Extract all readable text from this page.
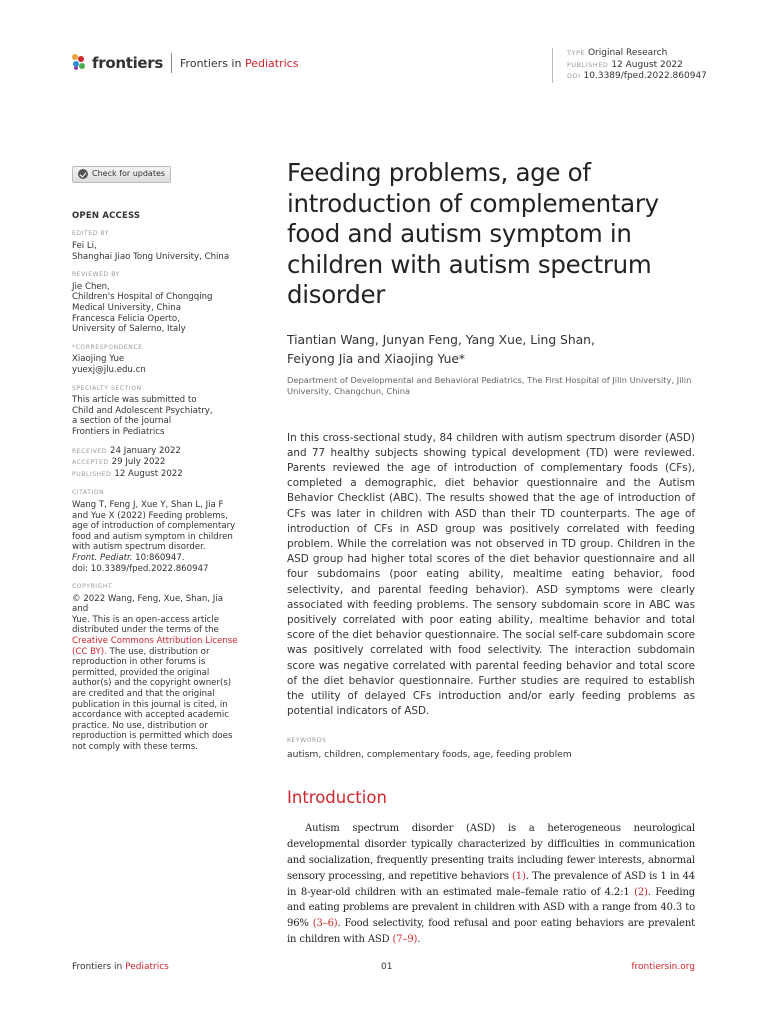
frontiers Frontiers in Pediatrics
TYPE Original Research
PUBLISHED 12 August 2022
DOI 10.3389/fped.2022.860947
Check for updates
OPEN ACCESS
EDITED BY
Fei Li,
Shanghai Jiao Tong University, China
REVIEWED BY
Jie Chen,
Children's Hospital of Chongqing
Medical University, China
Francesca Felicia Operto,
University of Salerno, Italy
*CORRESPONDENCE
Xiaojing Yue
yuexj@jlu.edu.cn
SPECIALTY SECTION
This article was submitted to
Child and Adolescent Psychiatry,
a section of the journal
Frontiers in Pediatrics
RECEIVED 24 January 2022
ACCEPTED 29 July 2022
PUBLISHED 12 August 2022
CITATION
Wang T, Feng J, Xue Y, Shan L, Jia F
and Yue X (2022) Feeding problems,
age of introduction of complementary
food and autism symptom in children
with autism spectrum disorder.
Front. Pediatr. 10:860947.
doi: 10.3389/fped.2022.860947
COPYRIGHT
© 2022 Wang, Feng, Xue, Shan, Jia and
Yue. This is an open-access article
distributed under the terms of the
Creative Commons Attribution License
(CC BY). The use, distribution or
reproduction in other forums is
permitted, provided the original
author(s) and the copyright owner(s)
are credited and that the original
publication in this journal is cited, in
accordance with accepted academic
practice. No use, distribution or
reproduction is permitted which does
not comply with these terms.
Feeding problems, age of introduction of complementary food and autism symptom in children with autism spectrum disorder
Tiantian Wang, Junyan Feng, Yang Xue, Ling Shan,
Feiyong Jia and Xiaojing Yue*
Department of Developmental and Behavioral Pediatrics, The First Hospital of Jilin University, Jilin University, Changchun, China
In this cross-sectional study, 84 children with autism spectrum disorder (ASD) and 77 healthy subjects showing typical development (TD) were reviewed. Parents reviewed the age of introduction of complementary foods (CFs), completed a demographic, diet behavior questionnaire and the Autism Behavior Checklist (ABC). The results showed that the age of introduction of CFs was later in children with ASD than their TD counterparts. The age of introduction of CFs in ASD group was positively correlated with feeding problem. While the correlation was not observed in TD group. Children in the ASD group had higher total scores of the diet behavior questionnaire and all four subdomains (poor eating ability, mealtime eating behavior, food selectivity, and parental feeding behavior). ASD symptoms were clearly associated with feeding problems. The sensory subdomain score in ABC was positively correlated with poor eating ability, mealtime behavior and total score of the diet behavior questionnaire. The social self-care subdomain score was positively correlated with food selectivity. The interaction subdomain score was negative correlated with parental feeding behavior and total score of the diet behavior questionnaire. Further studies are required to establish the utility of delayed CFs introduction and/or early feeding problems as potential indicators of ASD.
KEYWORDS
autism, children, complementary foods, age, feeding problem
Introduction

Autism spectrum disorder (ASD) is a heterogeneous neurological developmental disorder typically characterized by difficulties in communication and socialization, frequently presenting traits including fewer interests, abnormal sensory processing, and repetitive behaviors (1). The prevalence of ASD is 1 in 44 in 8-year-old children with an estimated male–female ratio of 4.2:1 (2). Feeding and eating problems are prevalent in children with ASD with a range from 40.3 to 96% (3–6). Food selectivity, food refusal and poor eating behaviors are prevalent in children with ASD (7–9).

Frontiers in Pediatrics	01	frontiersin.org
